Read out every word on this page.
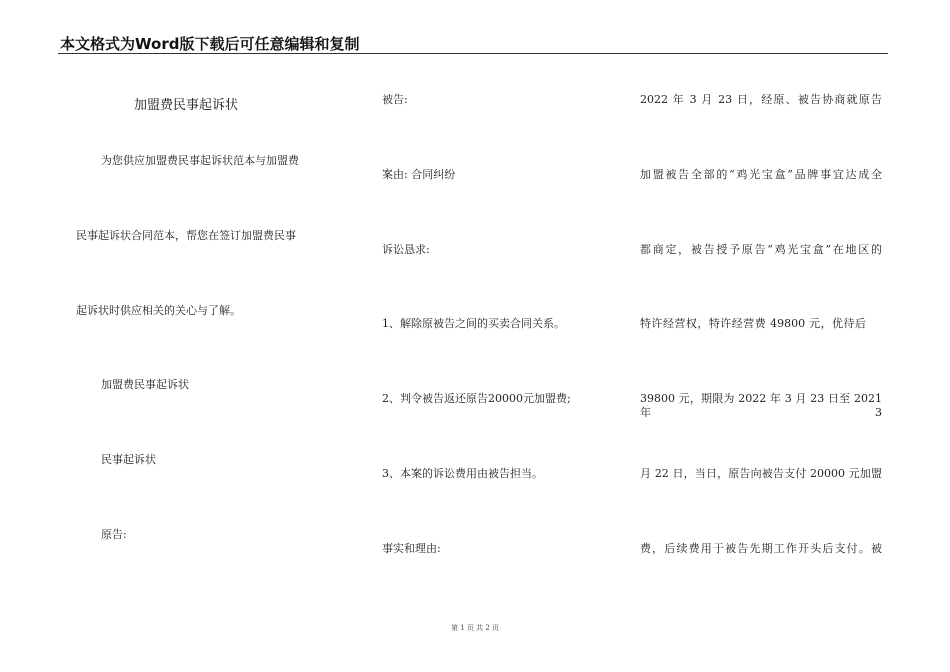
本文格式为Word版下载后可任意编辑和复制
加盟费民事起诉状
为您供应加盟费民事起诉状范本与加盟费
民事起诉状合同范本，帮您在签订加盟费民事
起诉状时供应相关的关心与了解。
加盟费民事起诉状
民事起诉状
原告:
被告:
案由: 合同纠纷
诉讼恳求:
1、解除原被告之间的买卖合同关系。
2、判令被告返还原告20000元加盟费;
3、本案的诉讼费用由被告担当。
事实和理由:
2022 年 3 月 23 日，经原、被告协商就原告
加盟被告全部的“鸡光宝盒”品牌事宜达成全
都商定，被告授予原告“鸡光宝盒”在地区的
特许经营权，特许经营费 49800 元，优待后
39800 元，期限为 2022 年 3 月 23 日至 2021 年 3
月 22 日，当日，原告向被告支付 20000 元加盟
费，后续费用于被告先期工作开头后支付。被
第 1 页 共 2 页
